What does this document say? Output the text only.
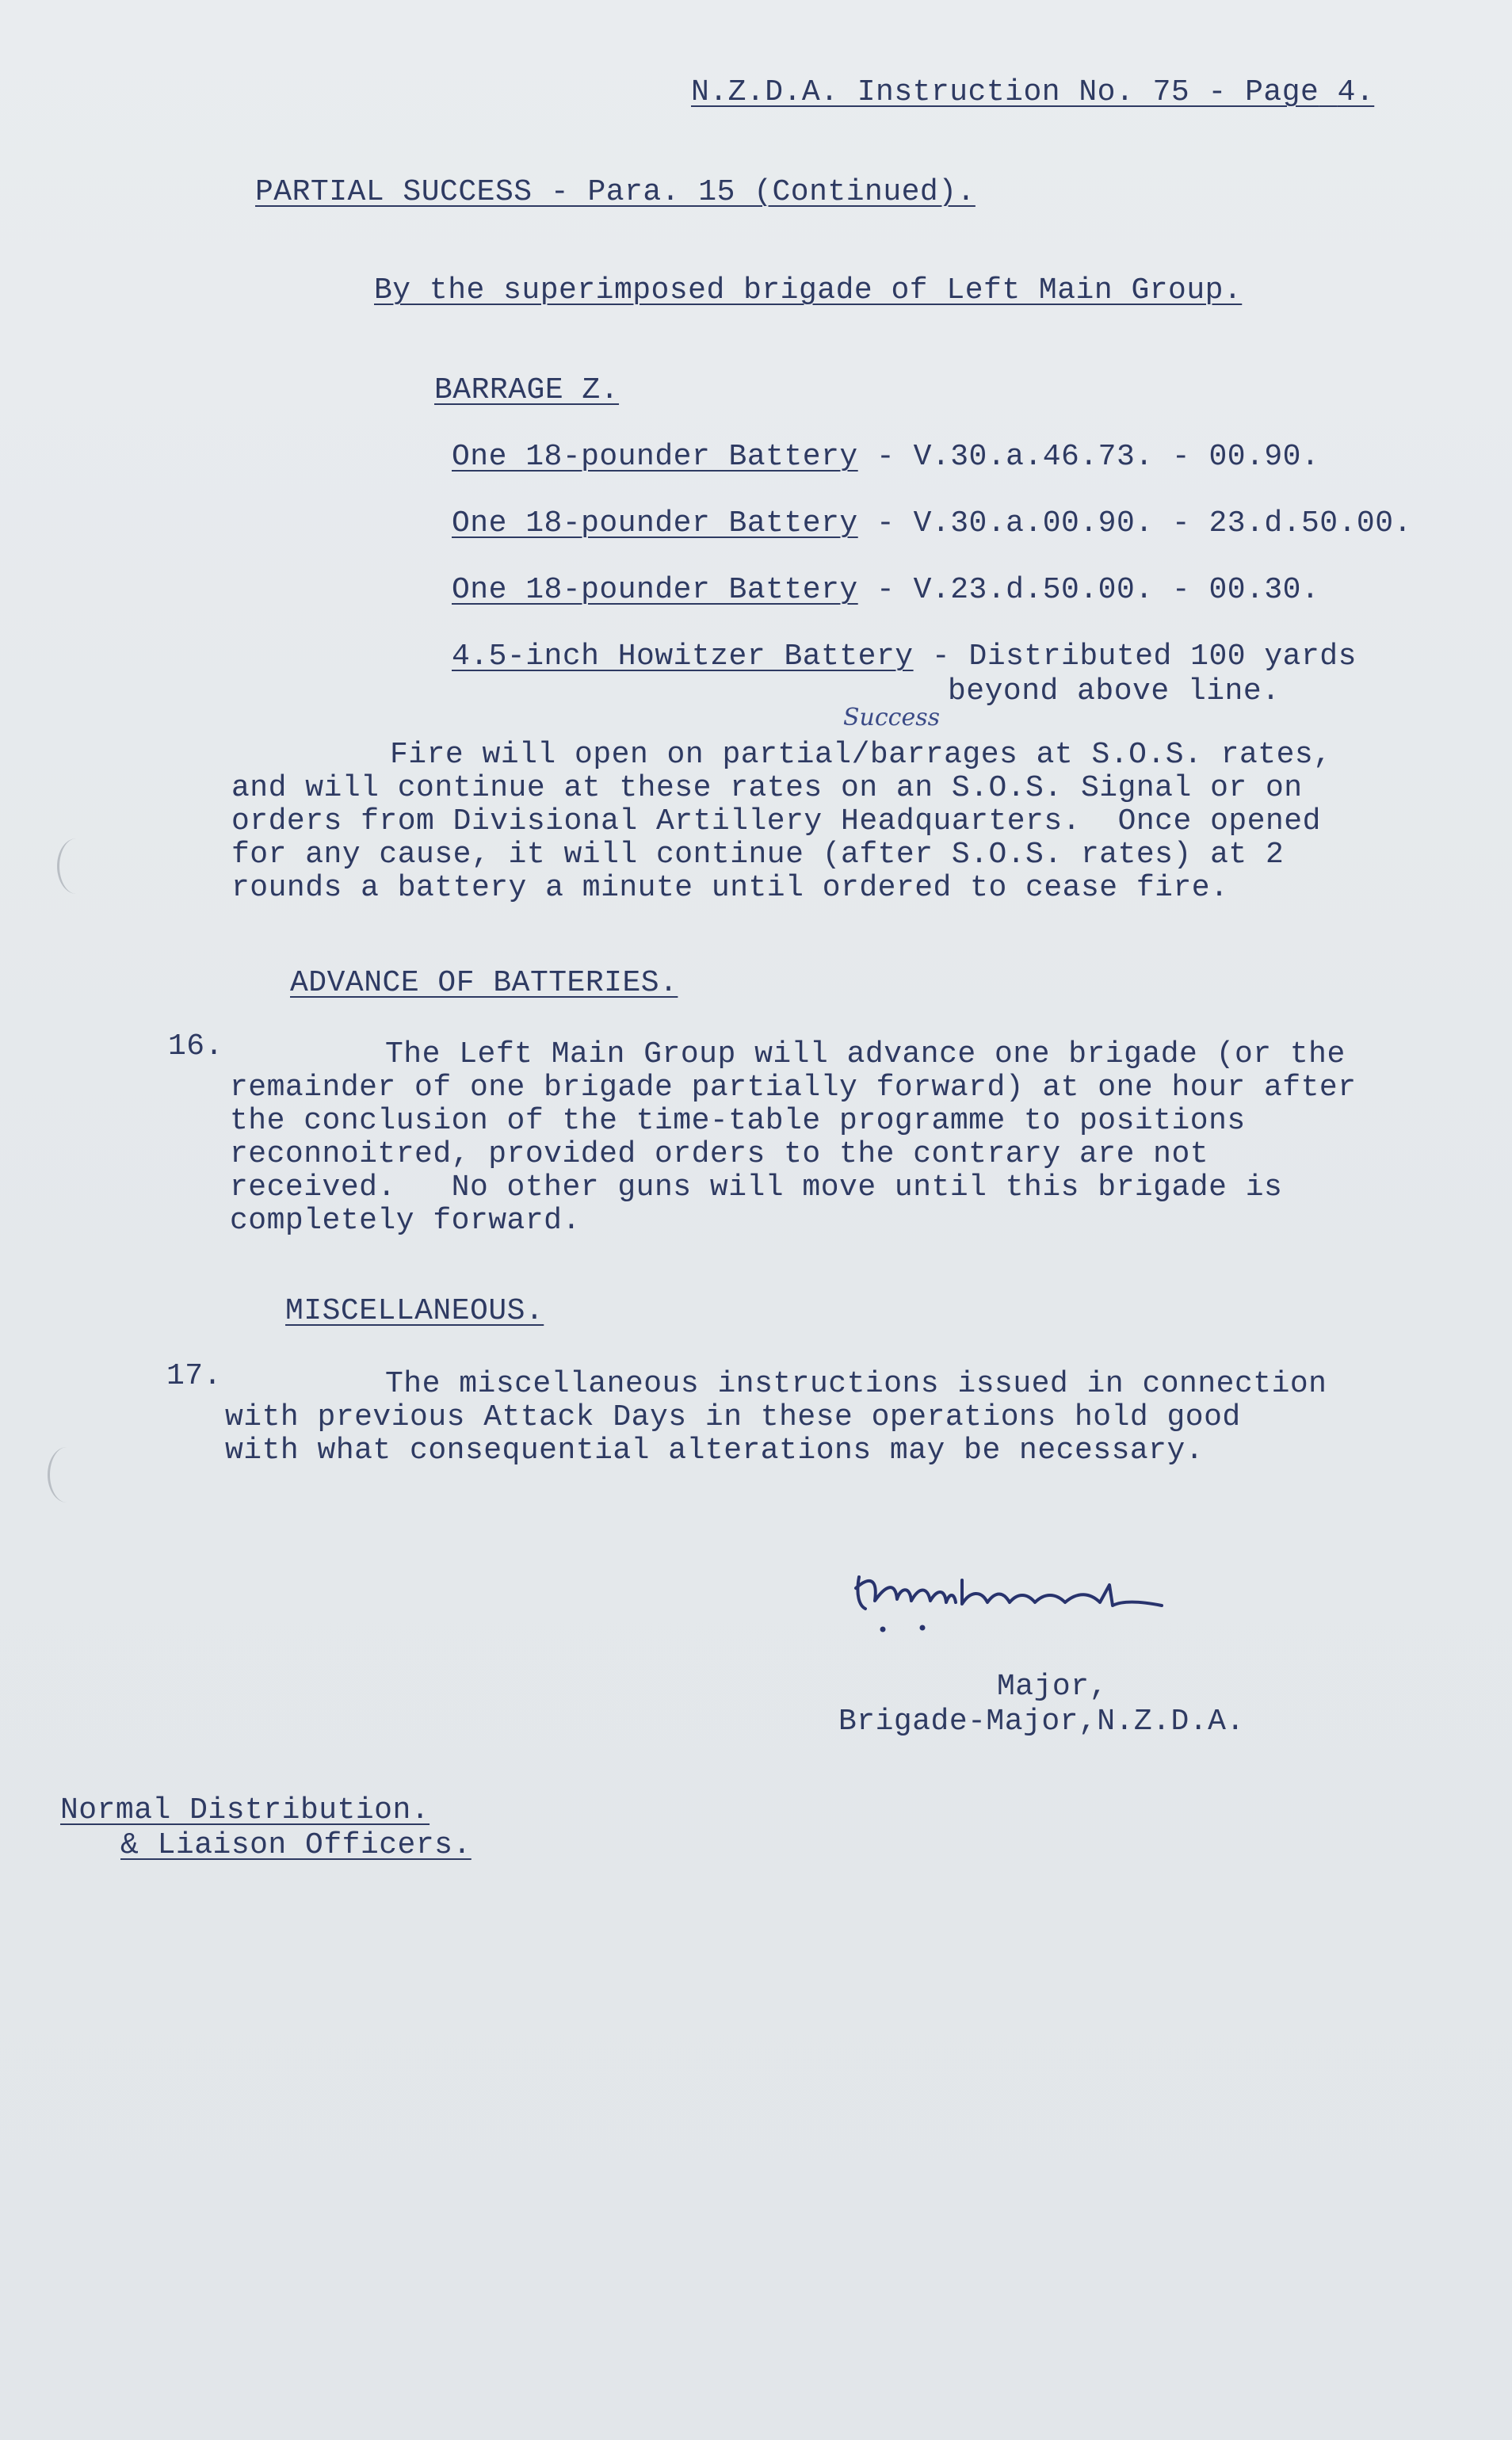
N.Z.D.A. Instruction No. 75 - Page 4.

PARTIAL SUCCESS - Para. 15 (Continued).

By the superimposed brigade of Left Main Group.

BARRAGE Z.

One 18-pounder Battery - V.30.a.46.73. - 00.90.

One 18-pounder Battery - V.30.a.00.90. - 23.d.50.00.

One 18-pounder Battery - V.23.d.50.00. - 00.30.

4.5-inch Howitzer Battery - Distributed 100 yards

beyond above line.

Success

Fire will open on partial/barrages at S.O.S. rates,

and will continue at these rates on an S.O.S. Signal or on

orders from Divisional Artillery Headquarters.  Once opened

for any cause, it will continue (after S.O.S. rates) at 2

rounds a battery a minute until ordered to cease fire.

ADVANCE OF BATTERIES.

16.	The Left Main Group will advance one brigade (or the

remainder of one brigade partially forward) at one hour after

the conclusion of the time-table programme to positions

reconnoitred, provided orders to the contrary are not

received.   No other guns will move until this brigade is

completely forward.

MISCELLANEOUS.

17.	The miscellaneous instructions issued in connection

with previous Attack Days in these operations hold good

with what consequential alterations may be necessary.

Major,

Brigade-Major,N.Z.D.A.

Normal Distribution.

& Liaison Officers.
